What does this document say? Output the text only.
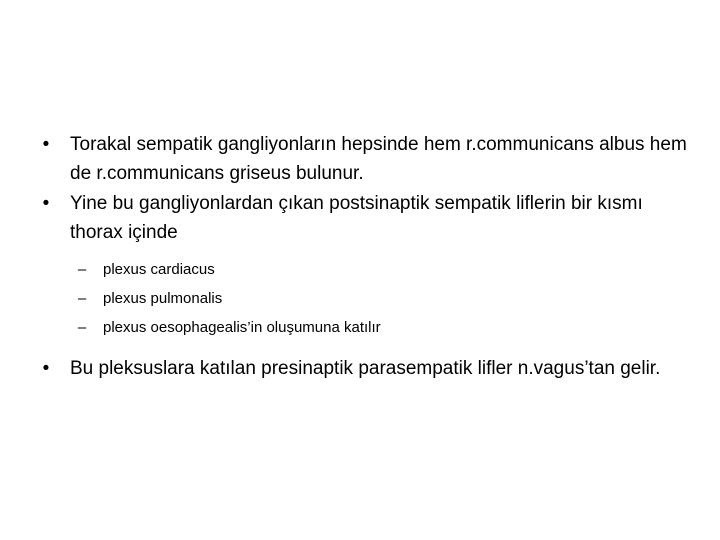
•	Torakal sempatik gangliyonların hepsinde hem r.communicans albus hem de r.communicans griseus bulunur.

•	Yine bu gangliyonlardan çıkan postsinaptik sempatik liflerin bir kısmı thorax içinde

– plexus cardiacus
– plexus pulmonalis
– plexus oesophagealis’in oluşumuna katılır

•	Bu pleksuslara katılan presinaptik parasempatik lifler n.vagus’tan gelir.
